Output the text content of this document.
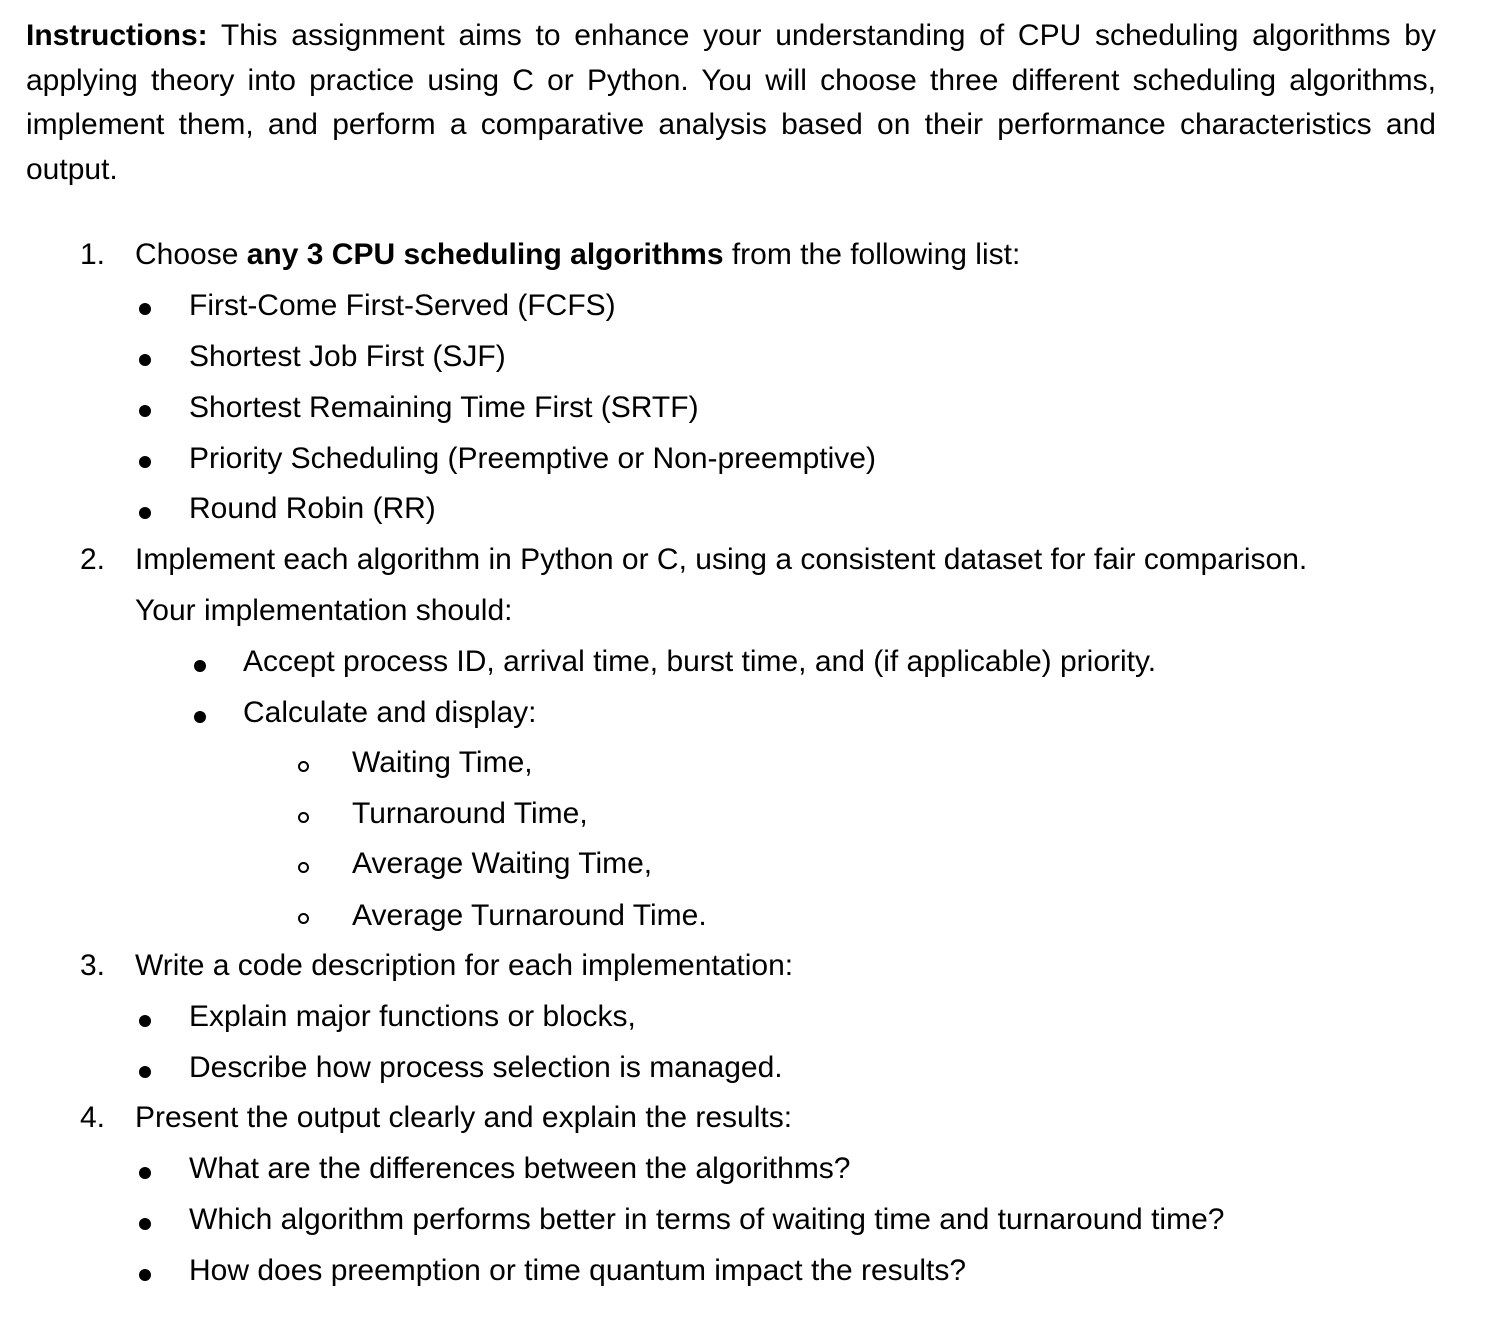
Instructions: This assignment aims to enhance your understanding of CPU scheduling algorithms by applying theory into practice using C or Python. You will choose three different scheduling algorithms, implement them, and perform a comparative analysis based on their performance characteristics and output.

1. Choose any 3 CPU scheduling algorithms from the following list:
First-Come First-Served (FCFS)
Shortest Job First (SJF)
Shortest Remaining Time First (SRTF)
Priority Scheduling (Preemptive or Non-preemptive)
Round Robin (RR)
2. Implement each algorithm in Python or C, using a consistent dataset for fair comparison.
Your implementation should:
Accept process ID, arrival time, burst time, and (if applicable) priority.
Calculate and display:
Waiting Time,
Turnaround Time,
Average Waiting Time,
Average Turnaround Time.
3. Write a code description for each implementation:
Explain major functions or blocks,
Describe how process selection is managed.
4. Present the output clearly and explain the results:
What are the differences between the algorithms?
Which algorithm performs better in terms of waiting time and turnaround time?
How does preemption or time quantum impact the results?
